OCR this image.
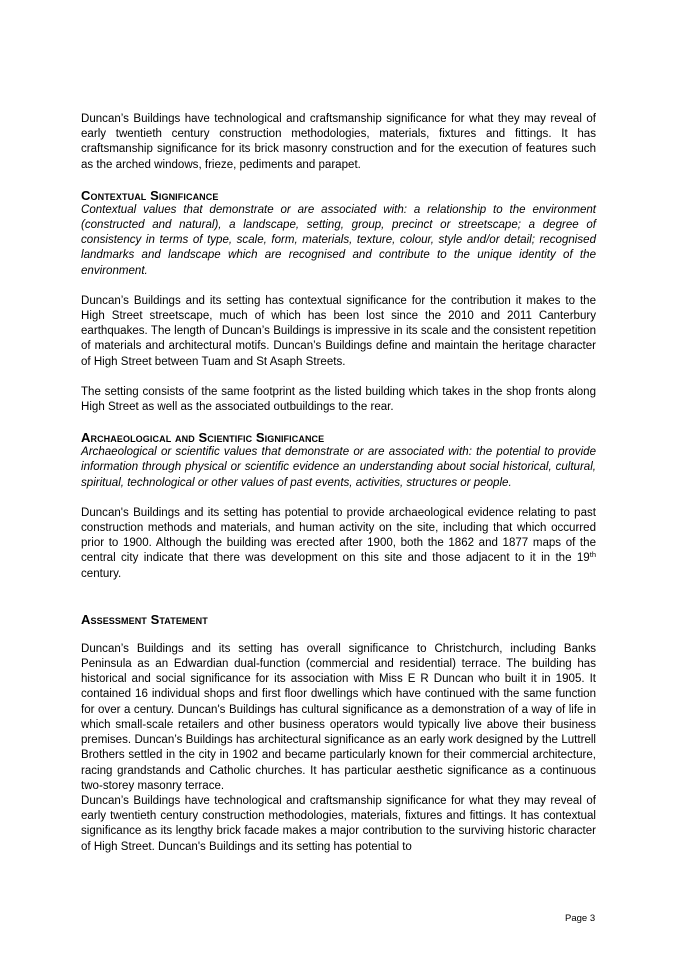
Duncan’s Buildings have technological and craftsmanship significance for what they may reveal of early twentieth century construction methodologies, materials, fixtures and fittings. It has craftsmanship significance for its brick masonry construction and for the execution of features such as the arched windows, frieze, pediments and parapet.

Contextual Significance
Contextual values that demonstrate or are associated with: a relationship to the environment (constructed and natural), a landscape, setting, group, precinct or streetscape; a degree of consistency in terms of type, scale, form, materials, texture, colour, style and/or detail; recognised landmarks and landscape which are recognised and contribute to the unique identity of the environment.

Duncan’s Buildings and its setting has contextual significance for the contribution it makes to the High Street streetscape, much of which has been lost since the 2010 and 2011 Canterbury earthquakes. The length of Duncan’s Buildings is impressive in its scale and the consistent repetition of materials and architectural motifs. Duncan’s Buildings define and maintain the heritage character of High Street between Tuam and St Asaph Streets.

The setting consists of the same footprint as the listed building which takes in the shop fronts along High Street as well as the associated outbuildings to the rear.

Archaeological and Scientific Significance
Archaeological or scientific values that demonstrate or are associated with: the potential to provide information through physical or scientific evidence an understanding about social historical, cultural, spiritual, technological or other values of past events, activities, structures or people.

Duncan's Buildings and its setting has potential to provide archaeological evidence relating to past construction methods and materials, and human activity on the site, including that which occurred prior to 1900. Although the building was erected after 1900, both the 1862 and 1877 maps of the central city indicate that there was development on this site and those adjacent to it in the 19th century.

Assessment Statement

Duncan’s Buildings and its setting has overall significance to Christchurch, including Banks Peninsula as an Edwardian dual-function (commercial and residential) terrace. The building has historical and social significance for its association with Miss E R Duncan who built it in 1905. It contained 16 individual shops and first floor dwellings which have continued with the same function for over a century. Duncan's Buildings has cultural significance as a demonstration of a way of life in which small-scale retailers and other business operators would typically live above their business premises. Duncan’s Buildings has architectural significance as an early work designed by the Luttrell Brothers settled in the city in 1902 and became particularly known for their commercial architecture, racing grandstands and Catholic churches. It has particular aesthetic significance as a continuous two-storey masonry terrace.

Duncan’s Buildings have technological and craftsmanship significance for what they may reveal of early twentieth century construction methodologies, materials, fixtures and fittings. It has contextual significance as its lengthy brick facade makes a major contribution to the surviving historic character of High Street. Duncan's Buildings and its setting has potential to

Page 3
